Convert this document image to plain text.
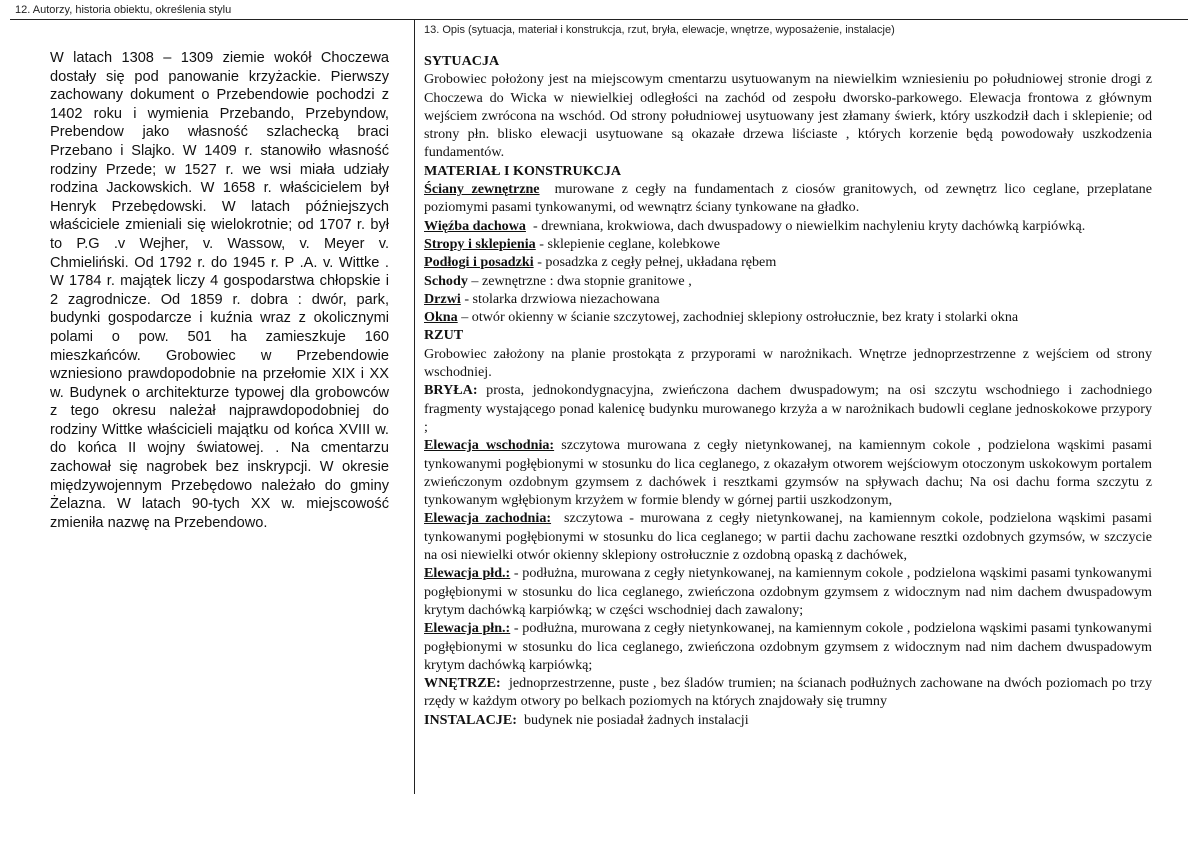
12. Autorzy, historia obiektu, określenia stylu
13. Opis (sytuacja, materiał i konstrukcja, rzut, bryła, elewacje, wnętrze, wyposażenie, instalacje)
W latach 1308 – 1309 ziemie wokół Choczewa dostały się pod panowanie krzyżackie. Pierwszy zachowany dokument o Przebendowie pochodzi z 1402 roku i wymienia Przebando, Przebyndow, Prebendow jako własność szlachecką braci Przebano i Slajko. W 1409 r. stanowiło własność rodziny Przede; w 1527 r. we wsi miała udziały rodzina Jackowskich. W 1658 r. właścicielem był Henryk Przebędowski. W latach późniejszych właściciele zmieniali się wielokrotnie; od 1707 r. był to P.G .v Wejher, v. Wassow, v. Meyer v. Chmieliński. Od 1792 r. do 1945 r. P .A. v. Wittke . W 1784 r. majątek liczy 4 gospodarstwa chłopskie i 2 zagrodnicze. Od 1859 r. dobra : dwór, park, budynki gospodarcze i kuźnia wraz z okolicznymi polami o pow. 501 ha zamieszkuje 160 mieszkańców. Grobowiec w Przebendowie wzniesiono prawdopodobnie na przełomie XIX i XX w. Budynek o architekturze typowej dla grobowców z tego okresu należał najprawdopodobniej do rodziny Wittke właścicieli majątku od końca XVIII w. do końca II wojny światowej. . Na cmentarzu zachował się nagrobek bez inskrypcji. W okresie międzywojennym Przebędowo należało do gminy Żelazna. W latach 90-tych XX w. miejscowość zmieniła nazwę na Przebendowo.

SYTUACJA

Grobowiec położony jest na miejscowym cmentarzu usytuowanym na niewielkim wzniesieniu po południowej stronie drogi z Choczewa do Wicka w niewielkiej odległości na zachód od zespołu dworsko-parkowego. Elewacja frontowa z głównym wejściem zwrócona na wschód. Od strony południowej usytuowany jest złamany świerk, który uszkodził dach i sklepienie; od strony płn. blisko elewacji usytuowane są okazałe drzewa liściaste , których korzenie będą powodowały uszkodzenia fundamentów.

MATERIAŁ I KONSTRUKCJA

Ściany zewnętrzne murowane z cegły na fundamentach z ciosów granitowych, od zewnętrz lico ceglane, przeplatane poziomymi pasami tynkowanymi, od wewnątrz ściany tynkowane na gładko.

Więźba dachowa - drewniana, krokwiowa, dach dwuspadowy o niewielkim nachyleniu kryty dachówką karpiówką.

Stropy i sklepienia - sklepienie ceglane, kolebkowe

Podłogi i posadzki - posadzka z cegły pełnej, układana rębem

Schody – zewnętrzne : dwa stopnie granitowe ,

Drzwi - stolarka drzwiowa niezachowana

Okna – otwór okienny w ścianie szczytowej, zachodniej sklepiony ostrołucznie, bez kraty i stolarki okna

RZUT

Grobowiec założony na planie prostokąta z przyporami w narożnikach. Wnętrze jednoprzestrzenne z wejściem od strony wschodniej.

BRYŁA: prosta, jednokondygnacyjna, zwieńczona dachem dwuspadowym; na osi szczytu wschodniego i zachodniego fragmenty wystającego ponad kalenicę budynku murowanego krzyża a w narożnikach budowli ceglane jednoskokowe przypory ;

Elewacja wschodnia: szczytowa murowana z cegły nietynkowanej, na kamiennym cokole , podzielona wąskimi pasami tynkowanymi pogłębionymi w stosunku do lica ceglanego, z okazałym otworem wejściowym otoczonym uskokowym portalem zwieńczonym ozdobnym gzymsem z dachówek i resztkami gzymsów na spływach dachu; Na osi dachu forma szczytu z tynkowanym wgłębionym krzyżem w formie blendy w górnej partii uszkodzonym,

Elewacja zachodnia: szczytowa - murowana z cegły nietynkowanej, na kamiennym cokole, podzielona wąskimi pasami tynkowanymi pogłębionymi w stosunku do lica ceglanego; w partii dachu zachowane resztki ozdobnych gzymsów, w szczycie na osi niewielki otwór okienny sklepiony ostrołucznie z ozdobną opaską z dachówek,

Elewacja płd.: - podłużna, murowana z cegły nietynkowanej, na kamiennym cokole , podzielona wąskimi pasami tynkowanymi pogłębionymi w stosunku do lica ceglanego, zwieńczona ozdobnym gzymsem z widocznym nad nim dachem dwuspadowym krytym dachówką karpiówką; w części wschodniej dach zawalony;

Elewacja płn.: - podłużna, murowana z cegły nietynkowanej, na kamiennym cokole , podzielona wąskimi pasami tynkowanymi pogłębionymi w stosunku do lica ceglanego, zwieńczona ozdobnym gzymsem z widocznym nad nim dachem dwuspadowym krytym dachówką karpiówką;

WNĘTRZE: jednoprzestrzenne, puste , bez śladów trumien; na ścianach podłużnych zachowane na dwóch poziomach po trzy rzędy w każdym otwory po belkach poziomych na których znajdowały się trumny

INSTALACJE: budynek nie posiadał żadnych instalacji
